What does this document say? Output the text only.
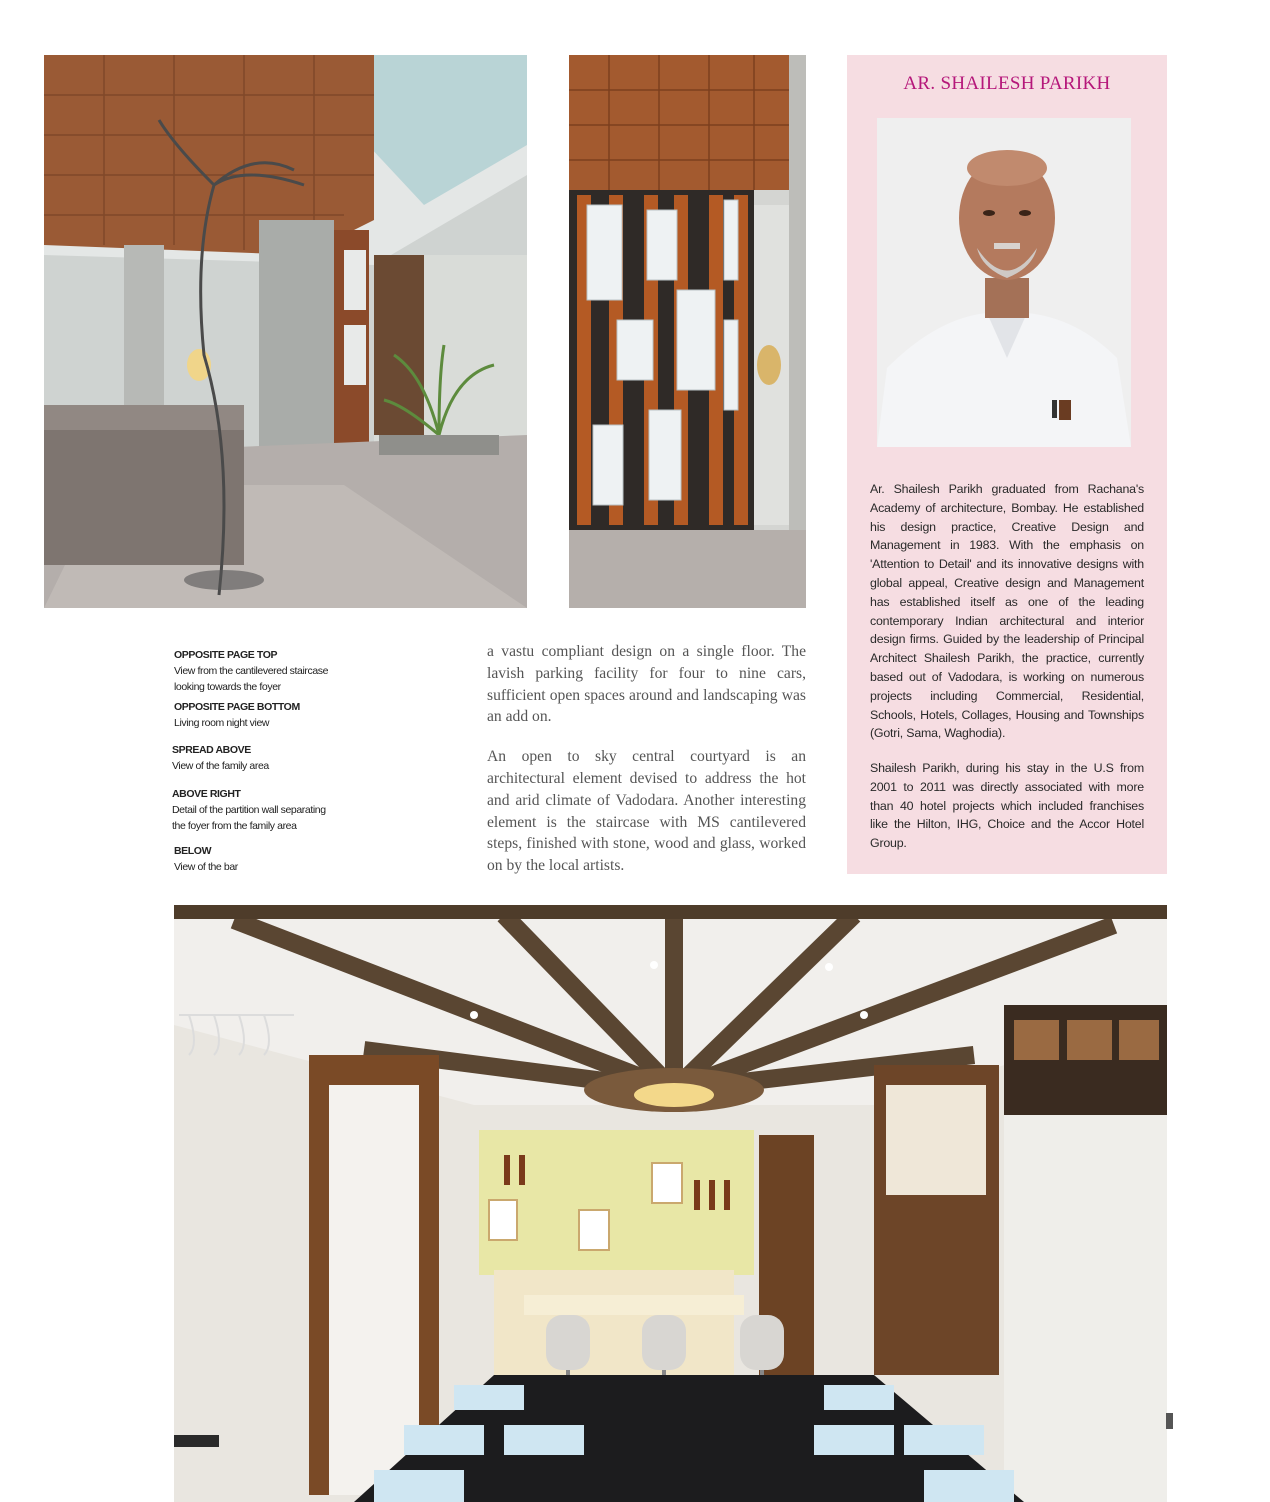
AR. SHAILESH PARIKH

Ar. Shailesh Parikh graduated from Rachana's Academy of architecture, Bombay. He established his design practice, Creative Design and Management in 1983. With the emphasis on 'Attention to Detail' and its innovative designs with global appeal, Creative design and Management has established itself as one of the leading contemporary Indian architectural and interior design firms. Guided by the leadership of Principal Architect Shailesh Parikh, the practice, currently based out of Vadodara, is working on numerous projects including Commercial, Residential, Schools, Hotels, Collages, Housing and Townships (Gotri, Sama, Waghodia).

Shailesh Parikh, during his stay in the U.S from 2001 to 2011 was directly associated with more than 40 hotel projects which included franchises like the Hilton, IHG, Choice and the Accor Hotel Group.

OPPOSITE PAGE TOP
View from the cantilevered staircase
looking towards the foyer
OPPOSITE PAGE BOTTOM
Living room night view
SPREAD ABOVE
View of the family area
ABOVE RIGHT
Detail of the partition wall separating
the foyer from the family area
BELOW
View of the bar

a vastu compliant design on a single floor. The lavish parking facility for four to nine cars, sufficient open spaces around and landscaping was an add on.

An open to sky central courtyard is an architectural element devised to address the hot and arid climate of Vadodara. Another interesting element is the staircase with MS cantilevered steps, finished with stone, wood and glass, worked on by the local artists.
